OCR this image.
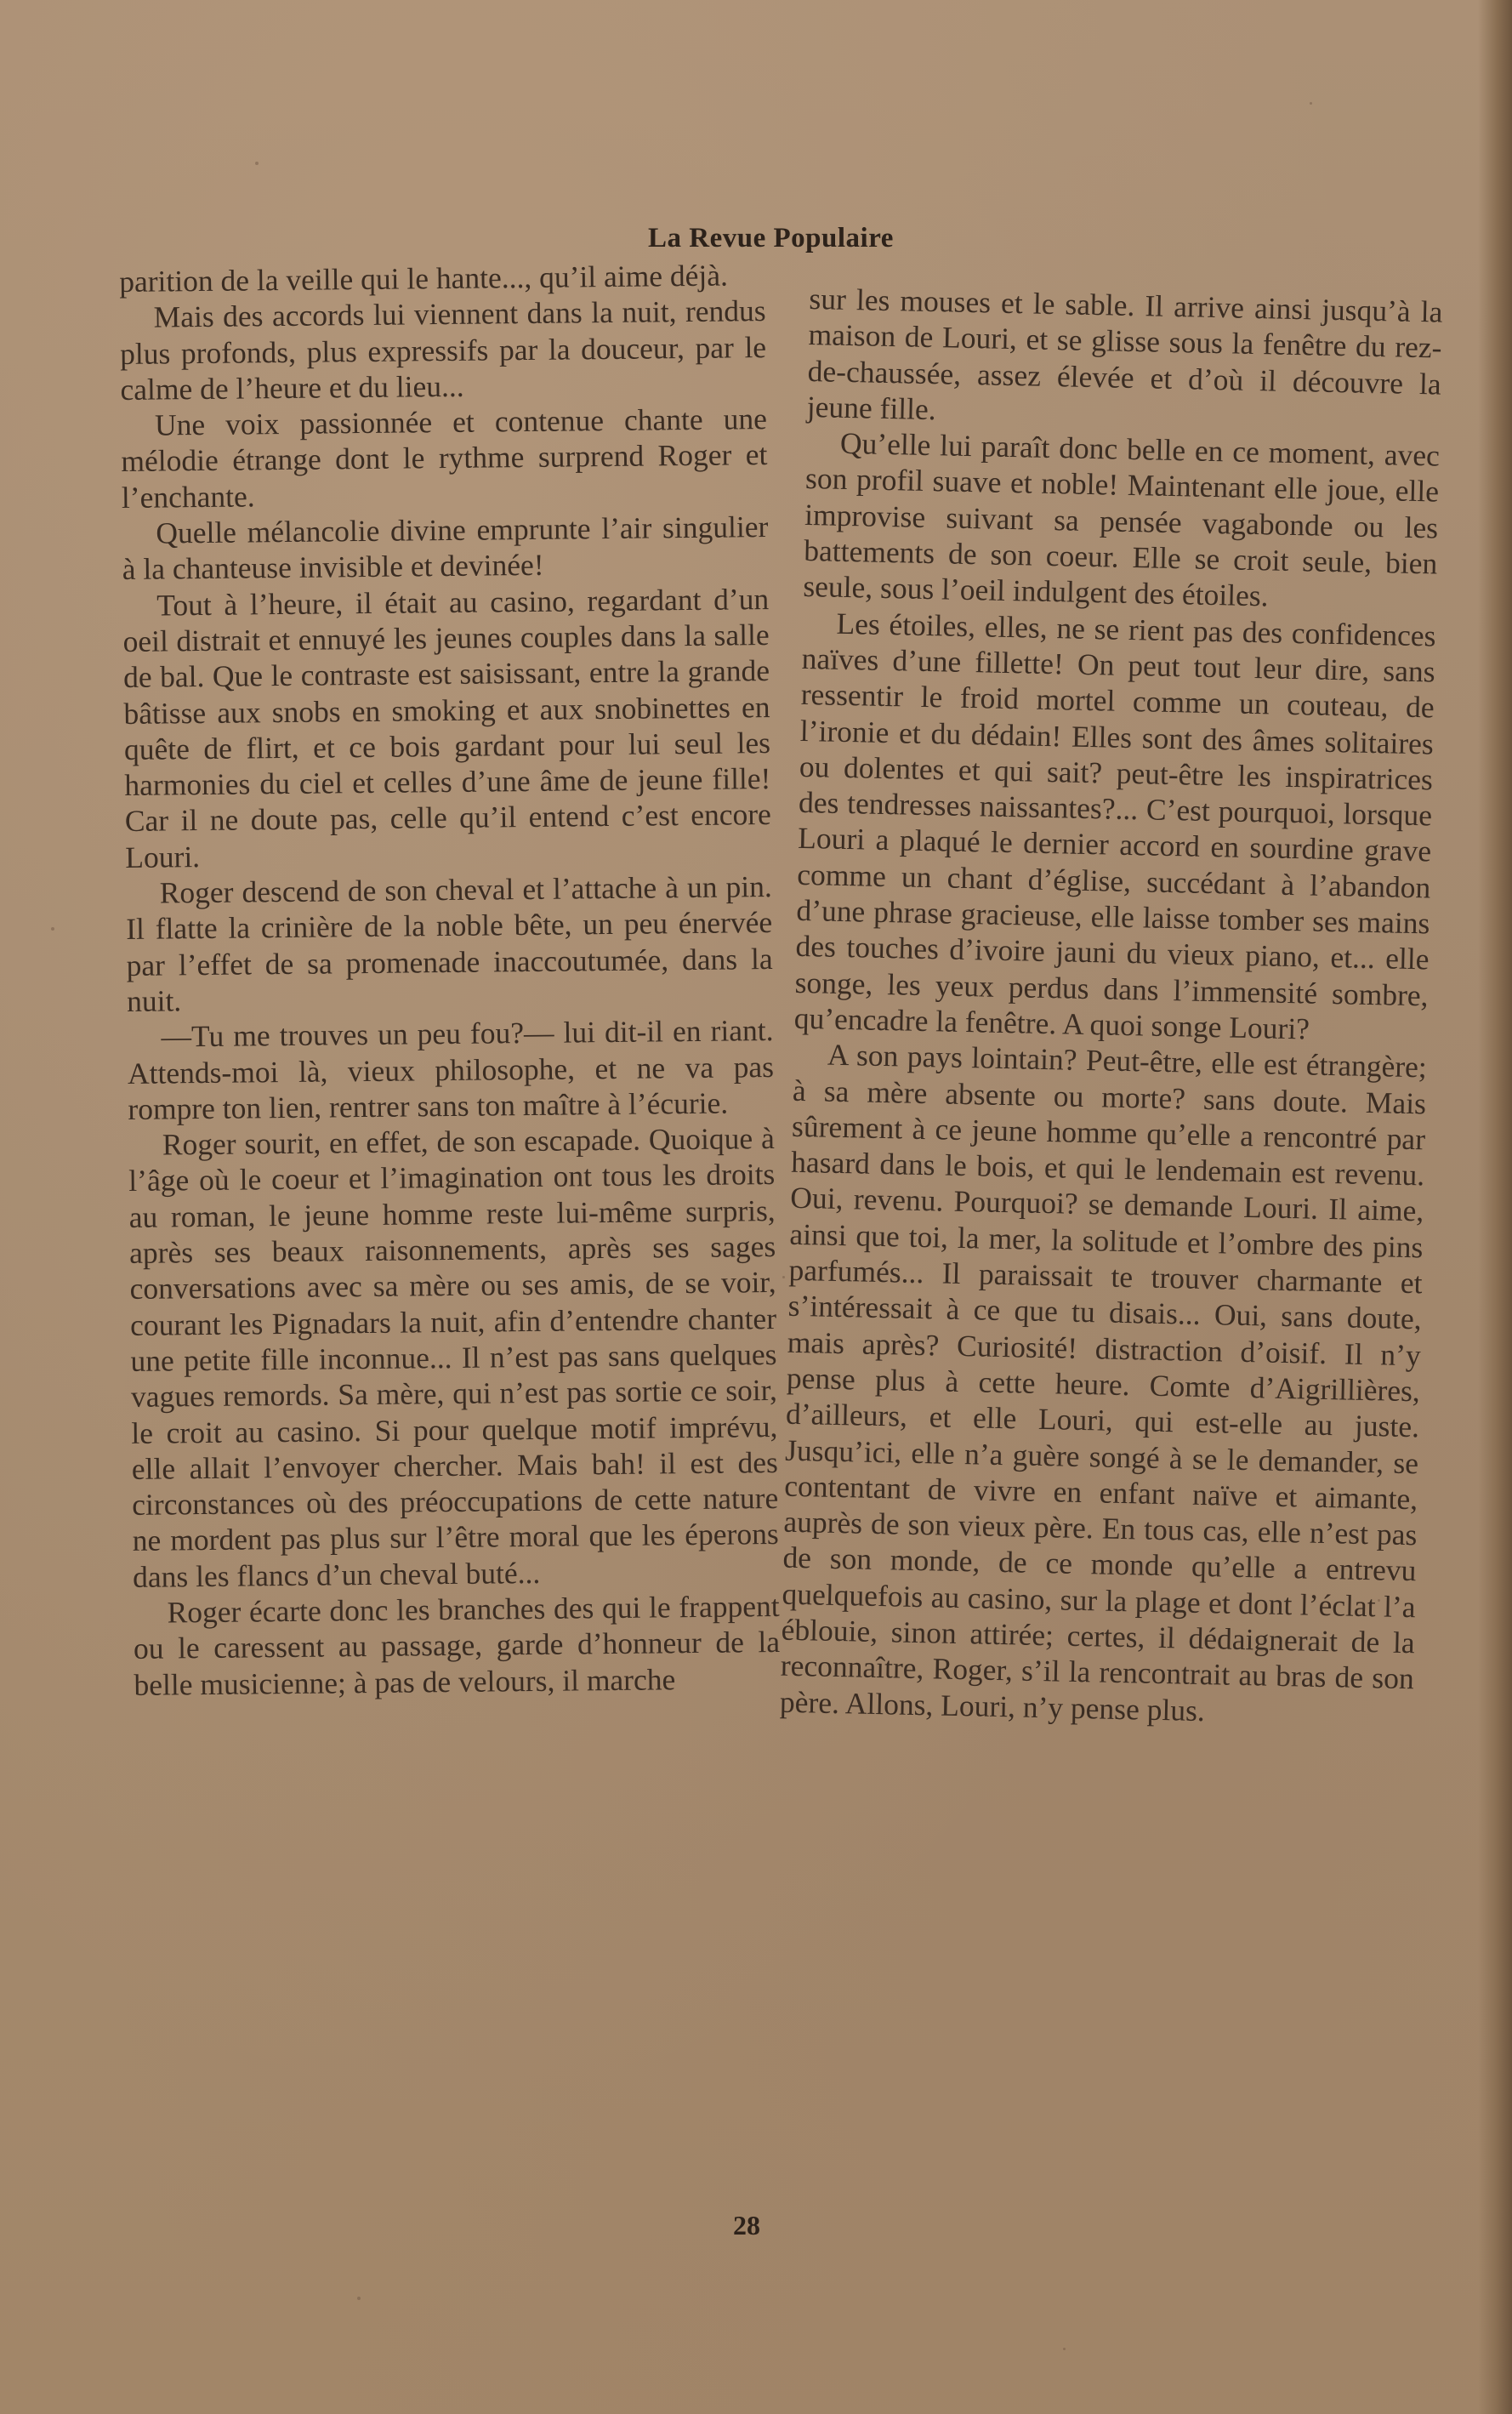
La Revue Populaire

parition de la veille qui le hante..., qu’il aime déjà.

Mais des accords lui viennent dans la nuit, rendus plus profonds, plus expressifs par la douceur, par le calme de l’heure et du lieu...

Une voix passionnée et contenue chante une mélodie étrange dont le rythme surprend Roger et l’enchante.

Quelle mélancolie divine emprunte l’air singulier à la chanteuse invisible et devinée!

Tout à l’heure, il était au casino, regardant d’un oeil distrait et ennuyé les jeunes couples dans la salle de bal. Que le contraste est saisissant, entre la grande bâtisse aux snobs en smoking et aux snobinettes en quête de flirt, et ce bois gardant pour lui seul les harmonies du ciel et celles d’une âme de jeune fille! Car il ne doute pas, celle qu’il entend c’est encore Louri.

Roger descend de son cheval et l’attache à un pin. Il flatte la crinière de la noble bête, un peu énervée par l’effet de sa promenade inaccoutumée, dans la nuit.

—Tu me trouves un peu fou?— lui dit-il en riant. Attends-moi là, vieux philosophe, et ne va pas rompre ton lien, rentrer sans ton maître à l’écurie.

Roger sourit, en effet, de son escapade. Quoique à l’âge où le coeur et l’imagination ont tous les droits au roman, le jeune homme reste lui-même surpris, après ses beaux raisonnements, après ses sages conversations avec sa mère ou ses amis, de se voir, courant les Pignadars la nuit, afin d’entendre chanter une petite fille inconnue... Il n’est pas sans quelques vagues remords. Sa mère, qui n’est pas sortie ce soir, le croit au casino. Si pour quelque motif imprévu, elle allait l’envoyer chercher. Mais bah! il est des circonstances où des préoccupations de cette nature ne mordent pas plus sur l’être moral que les éperons dans les flancs d’un cheval buté...

Roger écarte donc les branches des qui le frappent ou le caressent au passage, garde d’honneur de la belle musicienne; à pas de velours, il marche

sur les mouses et le sable. Il arrive ainsi jusqu’à la maison de Louri, et se glisse sous la fenêtre du rez-de-chaussée, assez élevée et d’où il découvre la jeune fille.

Qu’elle lui paraît donc belle en ce moment, avec son profil suave et noble! Maintenant elle joue, elle improvise suivant sa pensée vagabonde ou les battements de son coeur. Elle se croit seule, bien seule, sous l’oeil indulgent des étoiles.

Les étoiles, elles, ne se rient pas des confidences naïves d’une fillette! On peut tout leur dire, sans ressentir le froid mortel comme un couteau, de l’ironie et du dédain! Elles sont des âmes solitaires ou dolentes et qui sait? peut-être les inspiratrices des tendresses naissantes?... C’est pourquoi, lorsque Louri a plaqué le dernier accord en sourdine grave comme un chant d’église, succédant à l’abandon d’une phrase gracieuse, elle laisse tomber ses mains des touches d’ivoire jauni du vieux piano, et... elle songe, les yeux perdus dans l’immensité sombre, qu’encadre la fenêtre. A quoi songe Louri?

A son pays lointain? Peut-être, elle est étrangère; à sa mère absente ou morte? sans doute. Mais sûrement à ce jeune homme qu’elle a rencontré par hasard dans le bois, et qui le lendemain est revenu. Oui, revenu. Pourquoi? se demande Louri. Il aime, ainsi que toi, la mer, la solitude et l’ombre des pins parfumés... Il paraissait te trouver charmante et s’intéressait à ce que tu disais... Oui, sans doute, mais après? Curiosité! distraction d’oisif. Il n’y pense plus à cette heure. Comte d’Aigrillières, d’ailleurs, et elle Louri, qui est-elle au juste. Jusqu’ici, elle n’a guère songé à se le demander, se contentant de vivre en enfant naïve et aimante, auprès de son vieux père. En tous cas, elle n’est pas de son monde, de ce monde qu’elle a entrevu quelquefois au casino, sur la plage et dont l’éclat l’a éblouie, sinon attirée; certes, il dédaignerait de la reconnaître, Roger, s’il la rencontrait au bras de son père. Allons, Louri, n’y pense plus.

28
